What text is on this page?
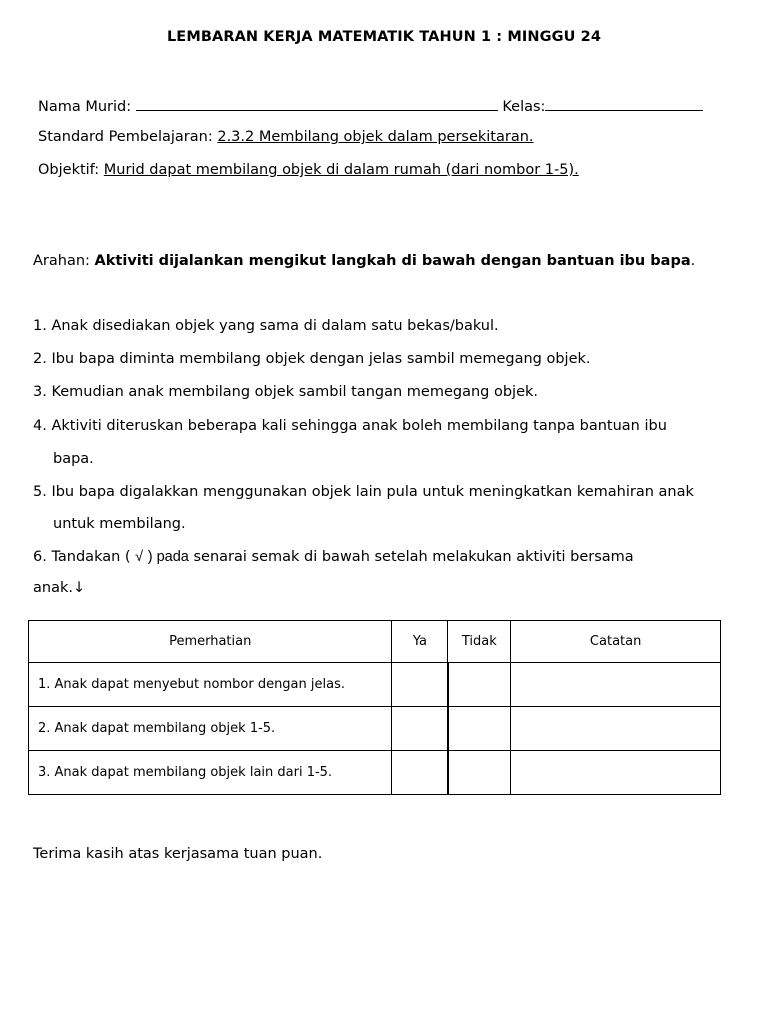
LEMBARAN KERJA MATEMATIK TAHUN 1 : MINGGU 24
Nama Murid:	Kelas:
Standard Pembelajaran: 2.3.2 Membilang objek dalam persekitaran.
Objektif: Murid dapat membilang objek di dalam rumah (dari nombor 1-5).
Arahan: Aktiviti dijalankan mengikut langkah di bawah dengan bantuan ibu bapa.
1. Anak disediakan objek yang sama di dalam satu bekas/bakul.
2. Ibu bapa diminta membilang objek dengan jelas sambil memegang objek.
3. Kemudian anak membilang objek sambil tangan memegang objek.
4. Aktiviti diteruskan beberapa kali sehingga anak boleh membilang tanpa bantuan ibu
bapa.
5. Ibu bapa digalakkan menggunakan objek lain pula untuk meningkatkan kemahiran anak
untuk membilang.
6. Tandakan ( √ ) pada senarai semak di bawah setelah melakukan aktiviti bersama
anak.↓
Pemerhatian	Ya	Tidak	Catatan
1. Anak dapat menyebut nombor dengan jelas.			
2. Anak dapat membilang objek 1-5.			
3. Anak dapat membilang objek lain dari 1-5.			
Terima kasih atas kerjasama tuan puan.
